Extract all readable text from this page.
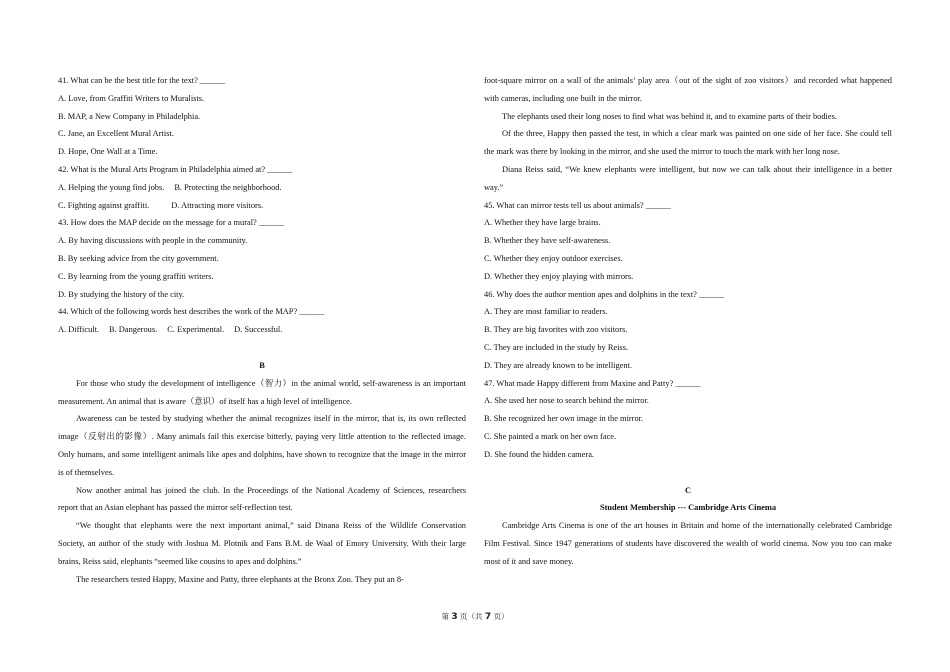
41. What can be the best title for the text? ______
A. Love, from Graffiti Writers to Muralists.
B. MAP, a New Company in Philadelphia.
C. Jane, an Excellent Mural Artist.
D. Hope, One Wall at a Time.
42. What is the Mural Arts Program in Philadelphia aimed at? ______
A. Helping the young find jobs. B. Protecting the neighborhood.
C. Fighting against graffiti.	D. Attracting more visitors.
43. How does the MAP decide on the message for a mural? ______
A. By having discussions with people in the community.
B. By seeking advice from the city government.
C. By learning from the young graffiti writers.
D. By studying the history of the city.
44. Which of the following words best describes the work of the MAP? ______
A. Difficult. B. Dangerous. C. Experimental. D. Successful.
B
For those who study the development of intelligence（智力）in the animal world, self-awareness is an important measurement. An animal that is aware（意识）of itself has a high level of intelligence.
Awareness can be tested by studying whether the animal recognizes itself in the mirror, that is, its own reflected image（反射出的影像）. Many animals fail this exercise bitterly, paying very little attention to the reflected image. Only humans, and some intelligent animals like apes and dolphins, have shown to recognize that the image in the mirror is of themselves.
Now another animal has joined the club. In the Proceedings of the National Academy of Sciences, researchers report that an Asian elephant has passed the mirror self-reflection test.
“We thought that elephants were the next important animal,” said Dinana Reiss of the Wildlife Conservation Society, an author of the study with Joshua M. Plotnik and Fans B.M. de Waal of Emory University. With their large brains, Reiss said, elephants “seemed like cousins to apes and dolphins.”
The researchers tested Happy, Maxine and Patty, three elephants at the Bronx Zoo. They put an 8-
foot-square mirror on a wall of the animals’ play area（out of the sight of zoo visitors）and recorded what happened with cameras, including one built in the mirror.
The elephants used their long noses to find what was behind it, and to examine parts of their bodies.
Of the three, Happy then passed the test, in which a clear mark was painted on one side of her face. She could tell the mark was there by looking in the mirror, and she used the mirror to touch the mark with her long nose.
Diana Reiss said, “We knew elephants were intelligent, but now we can talk about their intelligence in a better way.”
45. What can mirror tests tell us about animals? ______
A. Whether they have large brains.
B. Whether they have self-awareness.
C. Whether they enjoy outdoor exercises.
D. Whether they enjoy playing with mirrors.
46. Why does the author mention apes and dolphins in the text? ______
A. They are most familiar to readers.
B. They are big favorites with zoo visitors.
C. They are included in the study by Reiss.
D. They are already known to be intelligent.
47. What made Happy different from Maxine and Patty? ______
A. She used her nose to search behind the mirror.
B. She recognized her own image in the mirror.
C. She painted a mark on her own face.
D. She found the hidden camera.
C
Student Membership --- Cambridge Arts Cinema
Cambridge Arts Cinema is one of the art houses in Britain and home of the internationally celebrated Cambridge Film Festival. Since 1947 generations of students have discovered the wealth of world cinema. Now you too can make most of it and save money.
第 3 页（共 7 页）
